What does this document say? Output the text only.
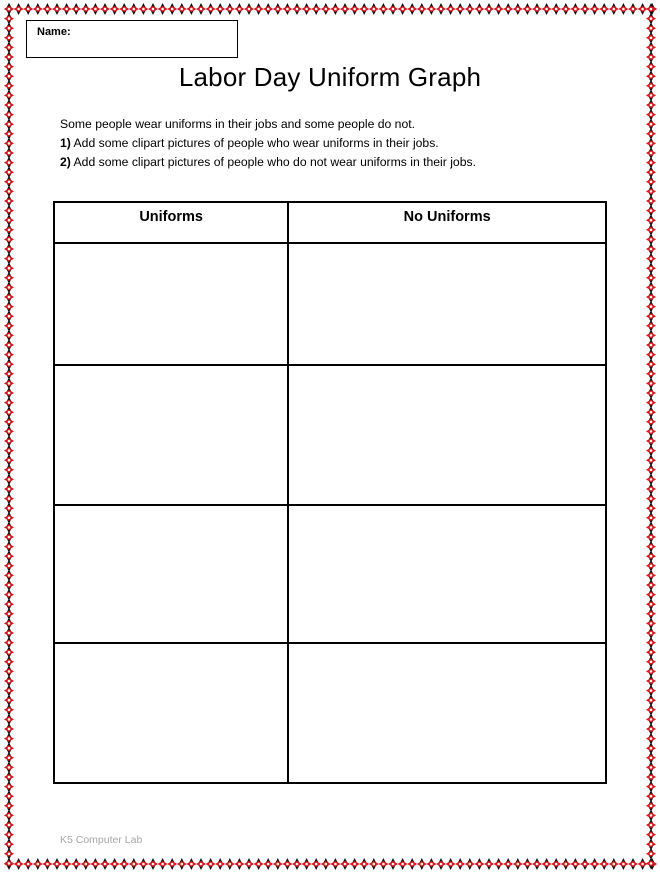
Name:
Labor Day Uniform Graph
Some people wear uniforms in their jobs and some people do not.
1) Add some clipart pictures of people who wear uniforms in their jobs.
2) Add some clipart pictures of people who do not wear uniforms in their jobs.
Uniforms	No Uniforms

K5 Computer Lab
